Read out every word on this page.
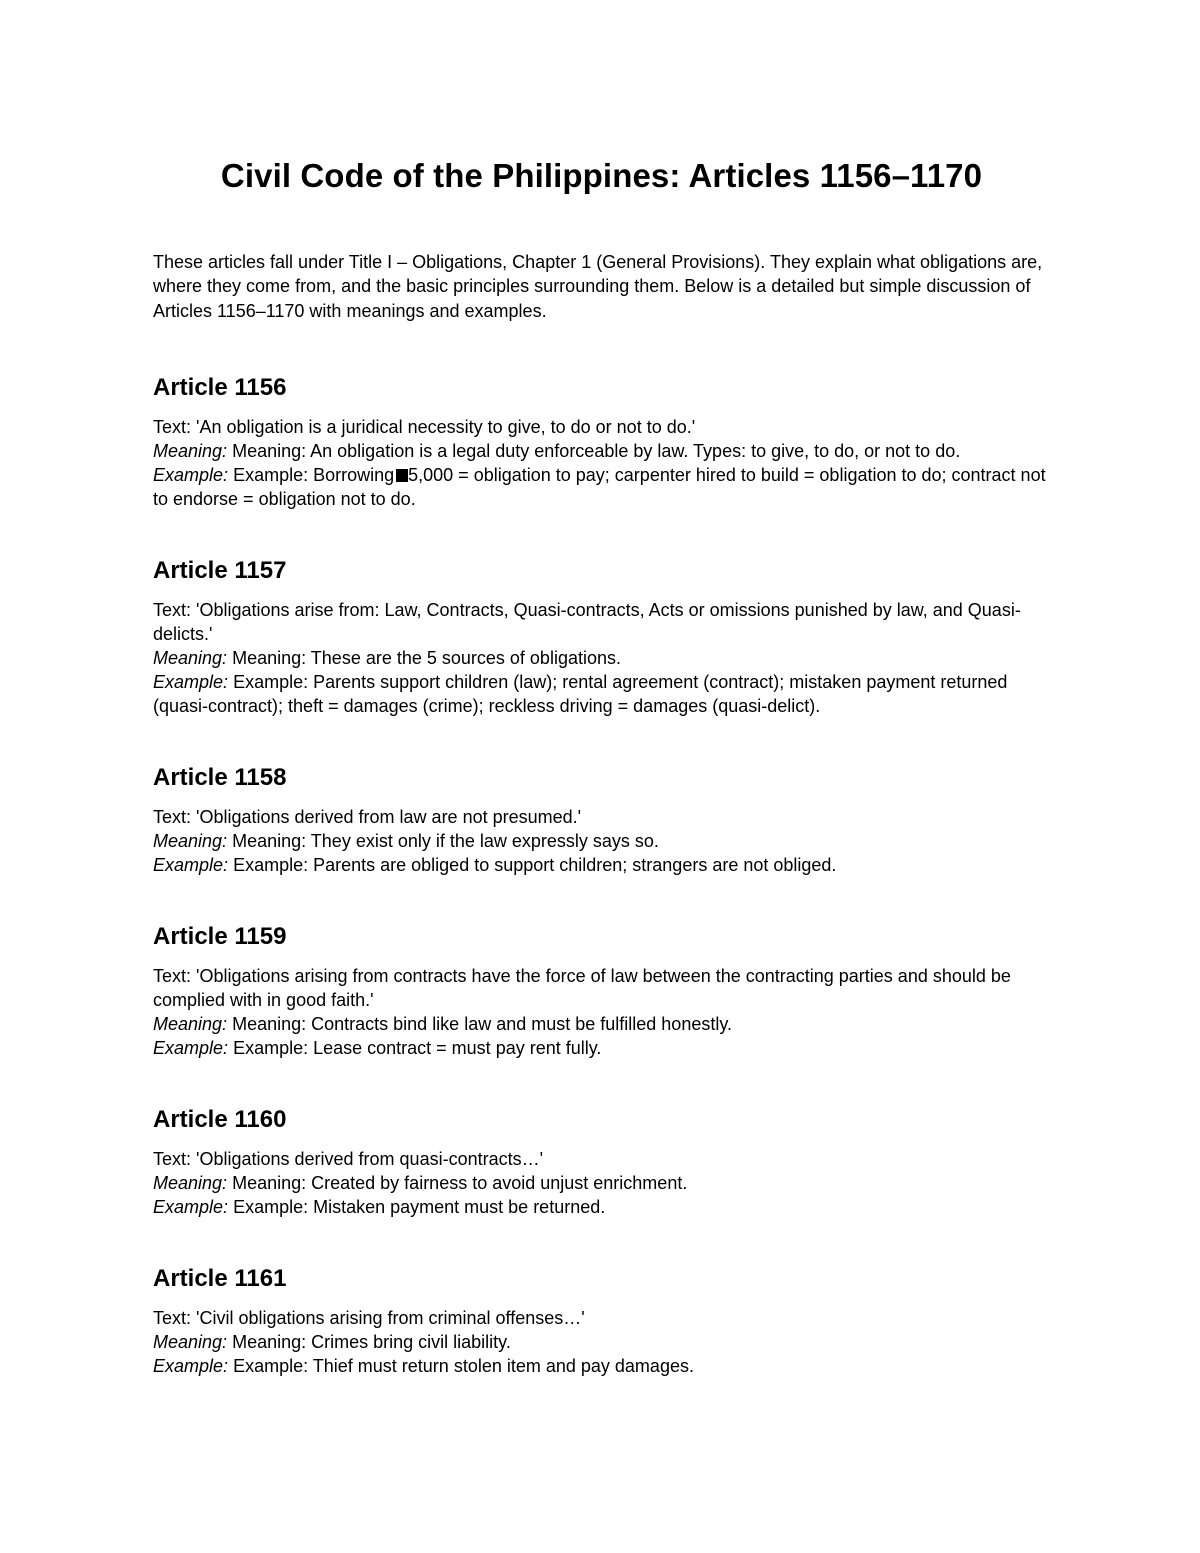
Civil Code of the Philippines: Articles 1156–1170

These articles fall under Title I – Obligations, Chapter 1 (General Provisions). They explain what obligations are, where they come from, and the basic principles surrounding them. Below is a detailed but simple discussion of Articles 1156–1170 with meanings and examples.

Article 1156

Text: 'An obligation is a juridical necessity to give, to do or not to do.'

Meaning: Meaning: An obligation is a legal duty enforceable by law. Types: to give, to do, or not to do.

Example: Example: Borrowing 5,000 = obligation to pay; carpenter hired to build = obligation to do; contract not to endorse = obligation not to do.

Article 1157

Text: 'Obligations arise from: Law, Contracts, Quasi-contracts, Acts or omissions punished by law, and Quasi-delicts.'

Meaning: Meaning: These are the 5 sources of obligations.

Example: Example: Parents support children (law); rental agreement (contract); mistaken payment returned (quasi-contract); theft = damages (crime); reckless driving = damages (quasi-delict).

Article 1158

Text: 'Obligations derived from law are not presumed.'

Meaning: Meaning: They exist only if the law expressly says so.

Example: Example: Parents are obliged to support children; strangers are not obliged.

Article 1159

Text: 'Obligations arising from contracts have the force of law between the contracting parties and should be complied with in good faith.'

Meaning: Meaning: Contracts bind like law and must be fulfilled honestly.

Example: Example: Lease contract = must pay rent fully.

Article 1160

Text: 'Obligations derived from quasi-contracts…'

Meaning: Meaning: Created by fairness to avoid unjust enrichment.

Example: Example: Mistaken payment must be returned.

Article 1161

Text: 'Civil obligations arising from criminal offenses…'

Meaning: Meaning: Crimes bring civil liability.

Example: Example: Thief must return stolen item and pay damages.
